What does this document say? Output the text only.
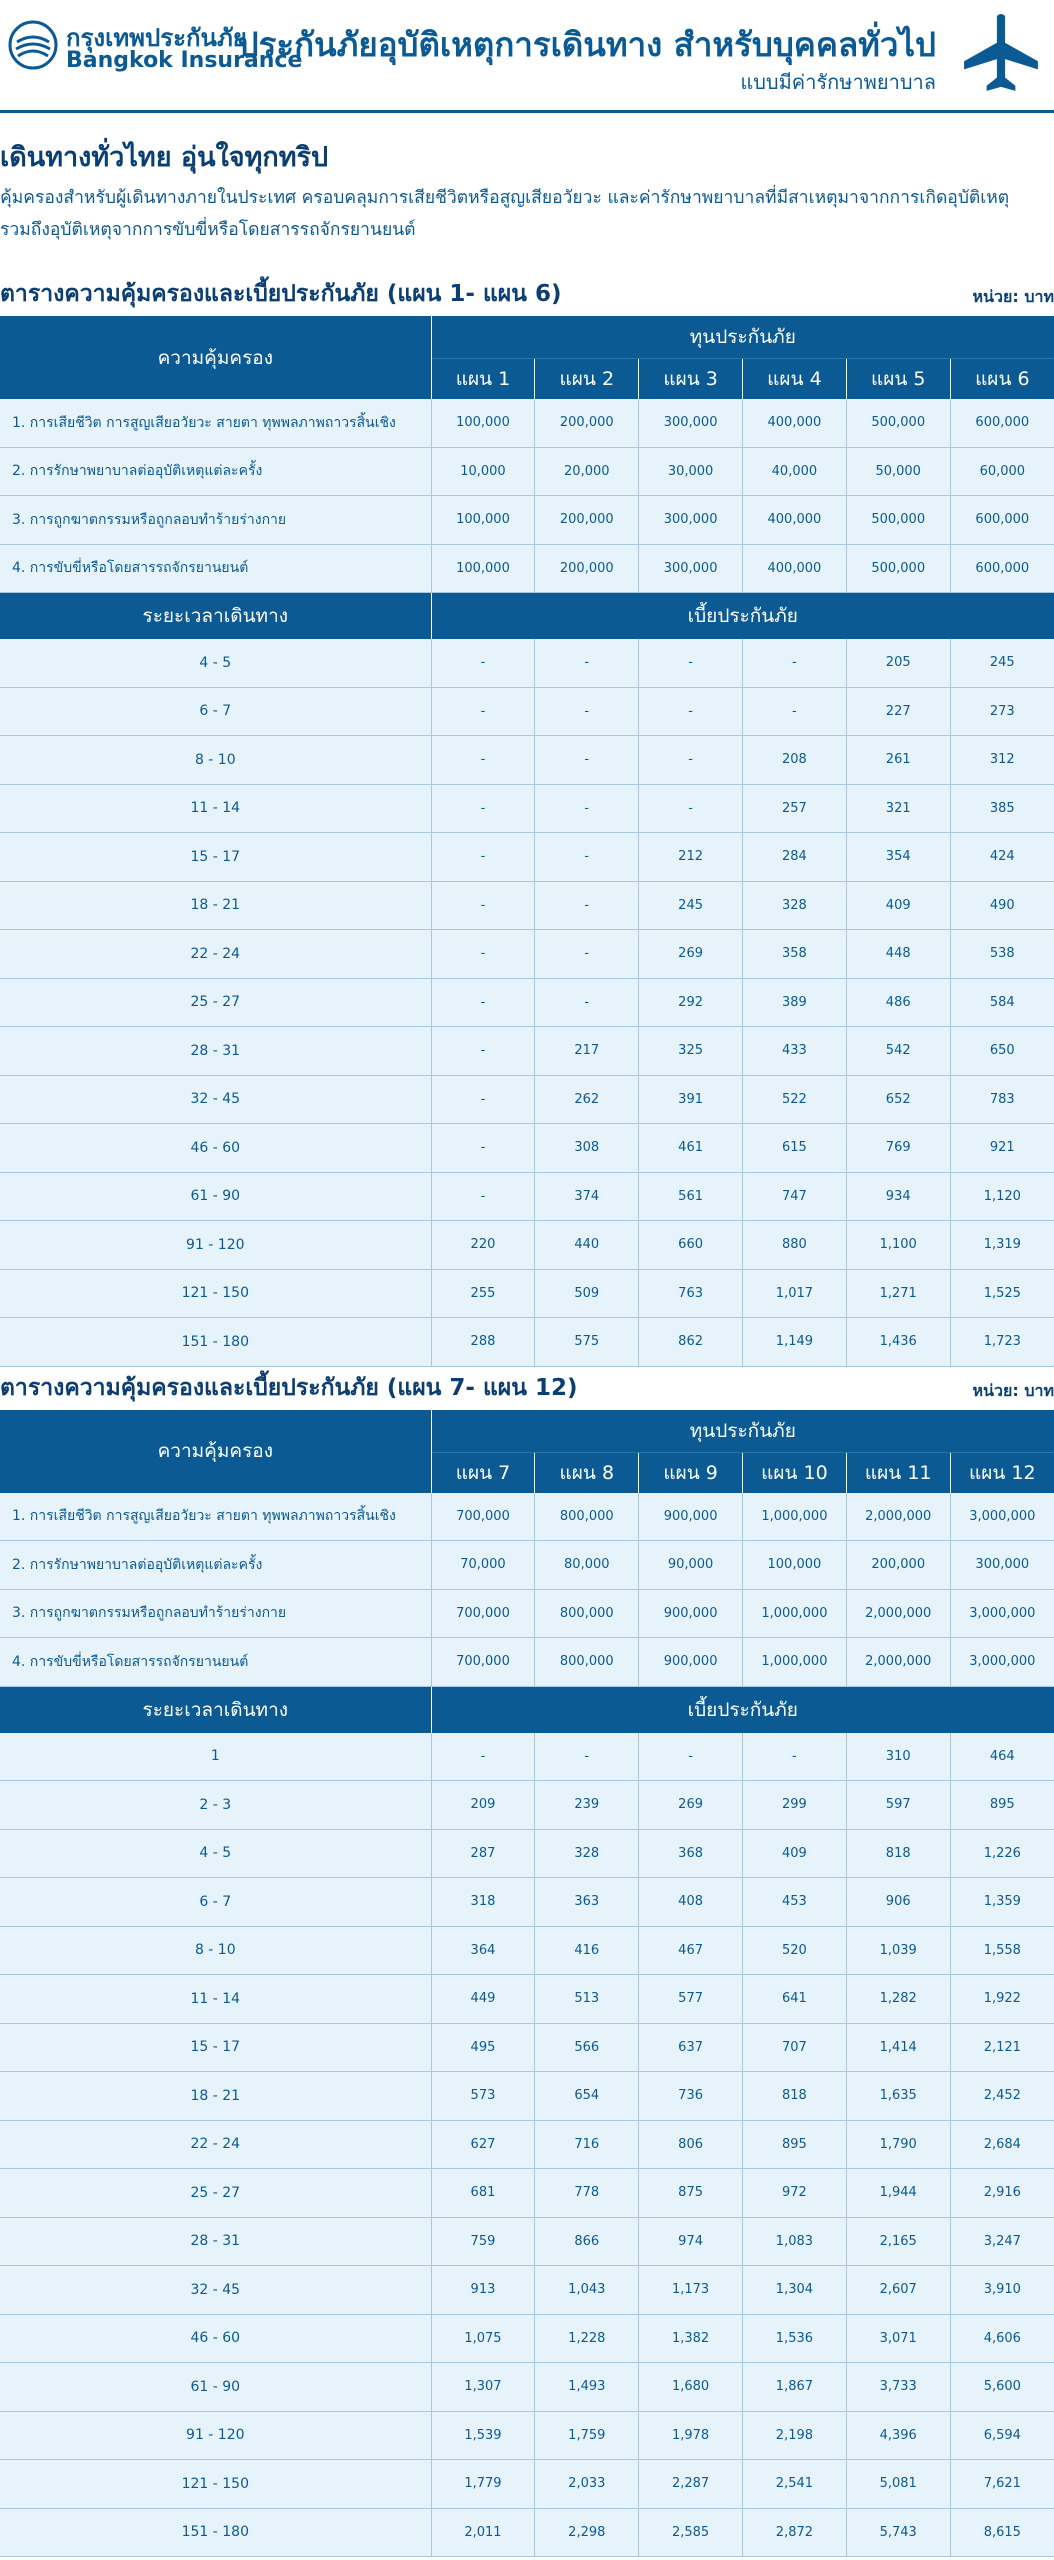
กรุงเทพประกันภัย
Bangkok Insurance
ประกันภัยอุบัติเหตุการเดินทาง สำหรับบุคคลทั่วไป
แบบมีค่ารักษาพยาบาล
เดินทางทั่วไทย อุ่นใจทุกทริป

คุ้มครองสำหรับผู้เดินทางภายในประเทศ ครอบคลุมการเสียชีวิตหรือสูญเสียอวัยวะ และค่ารักษาพยาบาลที่มีสาเหตุมาจากการเกิดอุบัติเหตุ
รวมถึงอุบัติเหตุจากการขับขี่หรือโดยสารรถจักรยานยนต์

ตารางความคุ้มครองและเบี้ยประกันภัย (แผน 1- แผน 6)	หน่วย: บาท
ความคุ้มครอง	ทุนประกันภัย					
	แผน 1	แผน 2	แผน 3	แผน 4	แผน 5	แผน 6
1. การเสียชีวิต การสูญเสียอวัยวะ สายตา ทุพพลภาพถาวรสิ้นเชิง	100,000	200,000	300,000	400,000	500,000	600,000
2. การรักษาพยาบาลต่ออุบัติเหตุแต่ละครั้ง	10,000	20,000	30,000	40,000	50,000	60,000
3. การถูกฆาตกรรมหรือถูกลอบทำร้ายร่างกาย	100,000	200,000	300,000	400,000	500,000	600,000
4. การขับขี่หรือโดยสารรถจักรยานยนต์	100,000	200,000	300,000	400,000	500,000	600,000
ระยะเวลาเดินทาง	เบี้ยประกันภัย					
4 - 5	-	-	-	-	205	245
6 - 7	-	-	-	-	227	273
8 - 10	-	-	-	208	261	312
11 - 14	-	-	-	257	321	385
15 - 17	-	-	212	284	354	424
18 - 21	-	-	245	328	409	490
22 - 24	-	-	269	358	448	538
25 - 27	-	-	292	389	486	584
28 - 31	-	217	325	433	542	650
32 - 45	-	262	391	522	652	783
46 - 60	-	308	461	615	769	921
61 - 90	-	374	561	747	934	1,120
91 - 120	220	440	660	880	1,100	1,319
121 - 150	255	509	763	1,017	1,271	1,525
151 - 180	288	575	862	1,149	1,436	1,723
ตารางความคุ้มครองและเบี้ยประกันภัย (แผน 7- แผน 12)	หน่วย: บาท
ความคุ้มครอง	ทุนประกันภัย					
	แผน 7	แผน 8	แผน 9	แผน 10	แผน 11	แผน 12
1. การเสียชีวิต การสูญเสียอวัยวะ สายตา ทุพพลภาพถาวรสิ้นเชิง	700,000	800,000	900,000	1,000,000	2,000,000	3,000,000
2. การรักษาพยาบาลต่ออุบัติเหตุแต่ละครั้ง	70,000	80,000	90,000	100,000	200,000	300,000
3. การถูกฆาตกรรมหรือถูกลอบทำร้ายร่างกาย	700,000	800,000	900,000	1,000,000	2,000,000	3,000,000
4. การขับขี่หรือโดยสารรถจักรยานยนต์	700,000	800,000	900,000	1,000,000	2,000,000	3,000,000
ระยะเวลาเดินทาง	เบี้ยประกันภัย					
1	-	-	-	-	310	464
2 - 3	209	239	269	299	597	895
4 - 5	287	328	368	409	818	1,226
6 - 7	318	363	408	453	906	1,359
8 - 10	364	416	467	520	1,039	1,558
11 - 14	449	513	577	641	1,282	1,922
15 - 17	495	566	637	707	1,414	2,121
18 - 21	573	654	736	818	1,635	2,452
22 - 24	627	716	806	895	1,790	2,684
25 - 27	681	778	875	972	1,944	2,916
28 - 31	759	866	974	1,083	2,165	3,247
32 - 45	913	1,043	1,173	1,304	2,607	3,910
46 - 60	1,075	1,228	1,382	1,536	3,071	4,606
61 - 90	1,307	1,493	1,680	1,867	3,733	5,600
91 - 120	1,539	1,759	1,978	2,198	4,396	6,594
121 - 150	1,779	2,033	2,287	2,541	5,081	7,621
151 - 180	2,011	2,298	2,585	2,872	5,743	8,615
